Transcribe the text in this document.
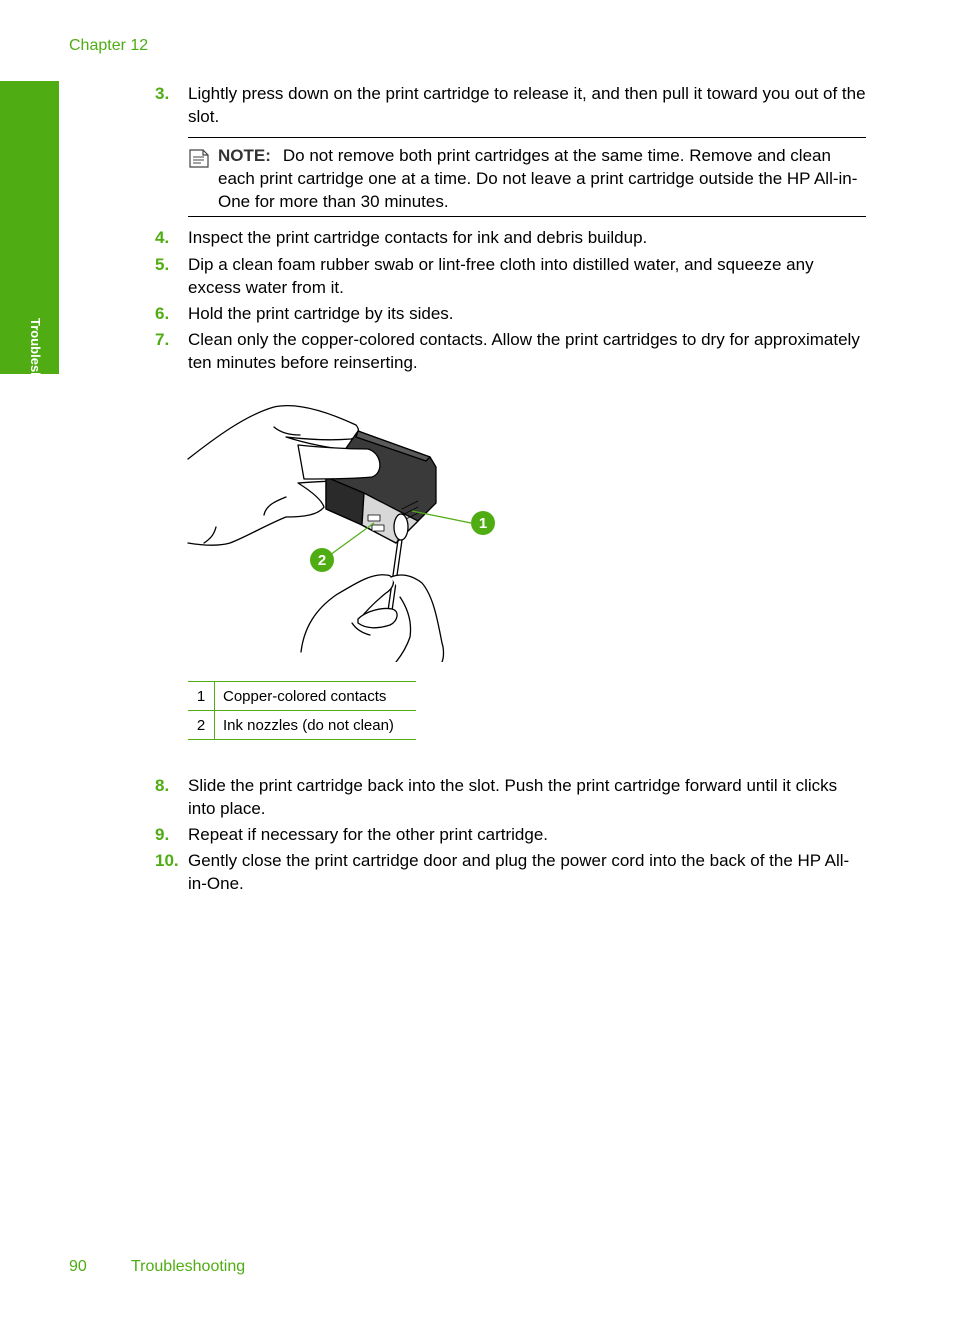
Chapter 12
Troubleshooting
3.	Lightly press down on the print cartridge to release it, and then pull it toward you out of the slot.
NOTE: Do not remove both print cartridges at the same time. Remove and clean each print cartridge one at a time. Do not leave a print cartridge outside the HP All-in-One for more than 30 minutes.
4.	Inspect the print cartridge contacts for ink and debris buildup.
5.	Dip a clean foam rubber swab or lint-free cloth into distilled water, and squeeze any excess water from it.
6.	Hold the print cartridge by its sides.
7.	Clean only the copper-colored contacts. Allow the print cartridges to dry for approximately ten minutes before reinserting.
1
2
1	Copper-colored contacts
2	Ink nozzles (do not clean)
8.	Slide the print cartridge back into the slot. Push the print cartridge forward until it clicks into place.
9.	Repeat if necessary for the other print cartridge.
10. Gently close the print cartridge door and plug the power cord into the back of the HP All-in-One.
90	Troubleshooting
